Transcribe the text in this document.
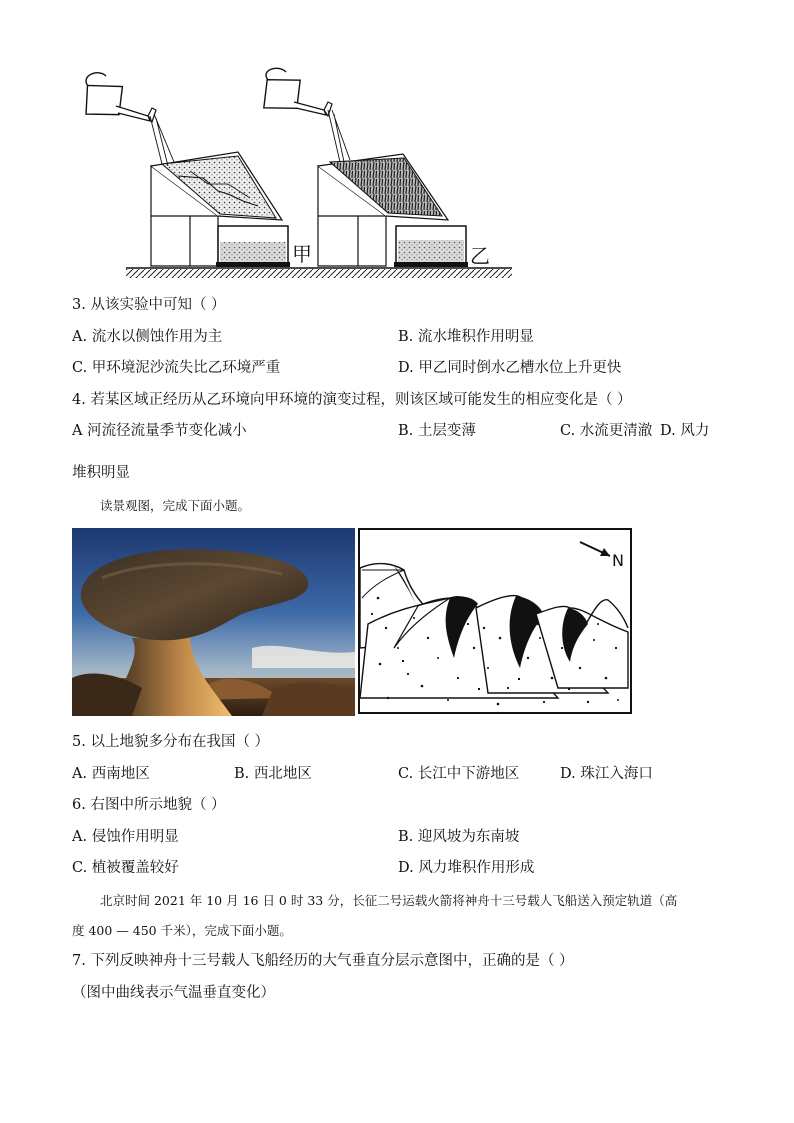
甲	乙
3. 从该实验中可知（ ）
A. 流水以侧蚀作用为主	B. 流水堆积作用明显
C. 甲环境泥沙流失比乙环境严重	D. 甲乙同时倒水乙槽水位上升更快
4. 若某区域正经历从乙环境向甲环境的演变过程，则该区域可能发生的相应变化是（ ）
A 河流径流量季节变化减小	B. 土层变薄	C. 水流更清澈 D. 风力
堆积明显
读景观图，完成下面小题。
N
5. 以上地貌多分布在我国（ ）
A. 西南地区	B. 西北地区	C. 长江中下游地区	D. 珠江入海口
6. 右图中所示地貌（ ）
A. 侵蚀作用明显	B. 迎风坡为东南坡
C. 植被覆盖较好	D. 风力堆积作用形成
北京时间 2021 年 10 月 16 日 0 时 33 分，长征二号运载火箭将神舟十三号载人飞船送入预定轨道（高
度 400 — 450 千米），完成下面小题。
7. 下列反映神舟十三号载人飞船经历的大气垂直分层示意图中，正确的是（ ）
（图中曲线表示气温垂直变化）
